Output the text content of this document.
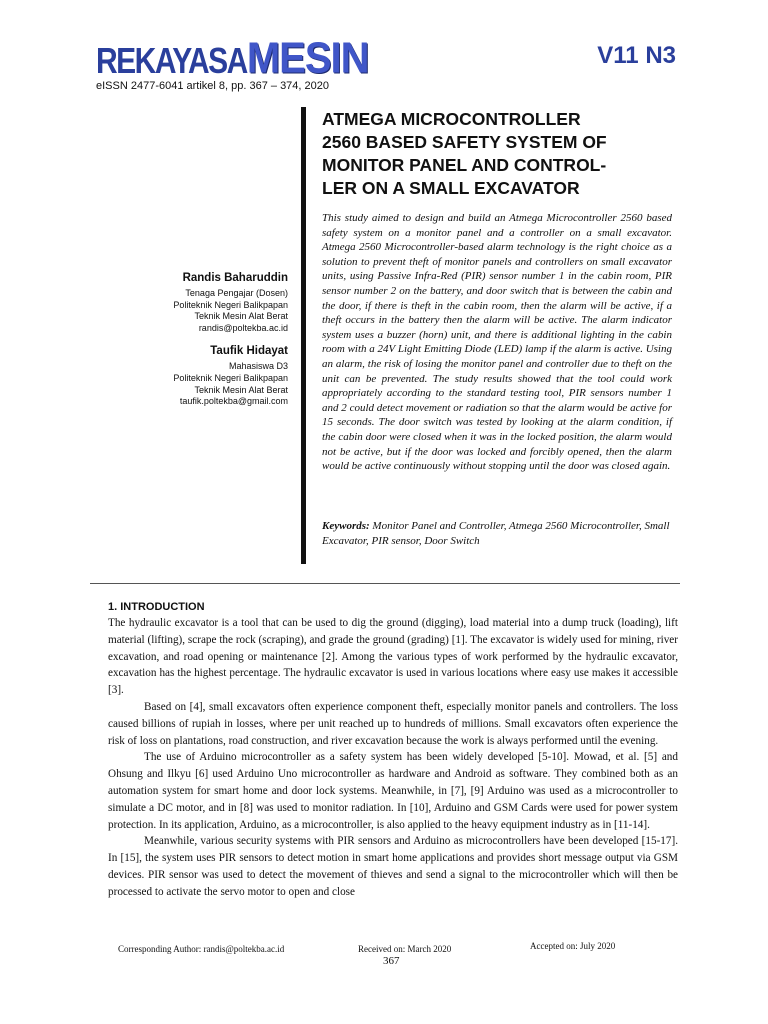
REKAYASA MESIN	V11 N3
eISSN 2477-6041 artikel 8, pp. 367 – 374, 2020
ATMEGA MICROCONTROLLER
2560 BASED SAFETY SYSTEM OF
MONITOR PANEL AND CONTROL-
LER ON A SMALL EXCAVATOR

Randis Baharuddin

Tenaga Pengajar (Dosen)
Politeknik Negeri Balikpapan
Teknik Mesin Alat Berat
randis@poltekba.ac.id

Taufik Hidayat

Mahasiswa D3
Politeknik Negeri Balikpapan
Teknik Mesin Alat Berat
taufik.poltekba@gmail.com

This study aimed to design and build an Atmega Microcontroller 2560 based safety system on a monitor panel and a controller on a small excavator. Atmega 2560 Microcontroller-based alarm technology is the right choice as a solution to prevent theft of monitor panels and controllers on small excavator units, using Passive Infra-Red (PIR) sensor number 1 in the cabin room, PIR sensor number 2 on the battery, and door switch that is between the cabin and the door, if there is theft in the cabin room, then the alarm will be active, if a theft occurs in the battery then the alarm will be active. The alarm indicator system uses a buzzer (horn) unit, and there is additional lighting in the cabin room with a 24V Light Emitting Diode (LED) lamp if the alarm is active. Using an alarm, the risk of losing the monitor panel and controller due to theft on the unit can be prevented. The study results showed that the tool could work appropriately according to the standard testing tool, PIR sensors number 1 and 2 could detect movement or radiation so that the alarm would be active for 15 seconds. The door switch was tested by looking at the alarm condition, if the cabin door were closed when it was in the locked position, the alarm would not be active, but if the door was locked and forcibly opened, then the alarm would be active continuously without stopping until the door was closed again.

Keywords: Monitor Panel and Controller, Atmega 2560 Microcontroller, Small Excavator, PIR sensor, Door Switch

1. INTRODUCTION

The hydraulic excavator is a tool that can be used to dig the ground (digging), load material into a dump truck (loading), lift material (lifting), scrape the rock (scraping), and grade the ground (grading) [1]. The excavator is widely used for mining, river excavation, and road opening or maintenance [2]. Among the various types of work performed by the hydraulic excavator, excavation has the highest percentage. The hydraulic excavator is used in various locations where easy use makes it accessible [3].

Based on [4], small excavators often experience component theft, especially monitor panels and controllers. The loss caused billions of rupiah in losses, where per unit reached up to hundreds of millions. Small excavators often experience the risk of loss on plantations, road construction, and river excavation because the work is always performed until the evening.

The use of Arduino microcontroller as a safety system has been widely developed [5-10]. Mowad, et al. [5] and Ohsung and Ilkyu [6] used Arduino Uno microcontroller as hardware and Android as software. They combined both as an automation system for smart home and door lock systems. Meanwhile, in [7], [9] Arduino was used as a microcontroller to simulate a DC motor, and in [8] was used to monitor radiation. In [10], Arduino and GSM Cards were used for power system protection. In its application, Arduino, as a microcontroller, is also applied to the heavy equipment industry as in [11-14].

Meanwhile, various security systems with PIR sensors and Arduino as microcontrollers have been developed [15-17]. In [15], the system uses PIR sensors to detect motion in smart home applications and provides short message output via GSM devices. PIR sensor was used to detect the movement of thieves and send a signal to the microcontroller which will then be processed to activate the servo motor to open and close

Corresponding Author: randis@poltekba.ac.id	Received on: March 2020	Accepted on: July 2020
367
